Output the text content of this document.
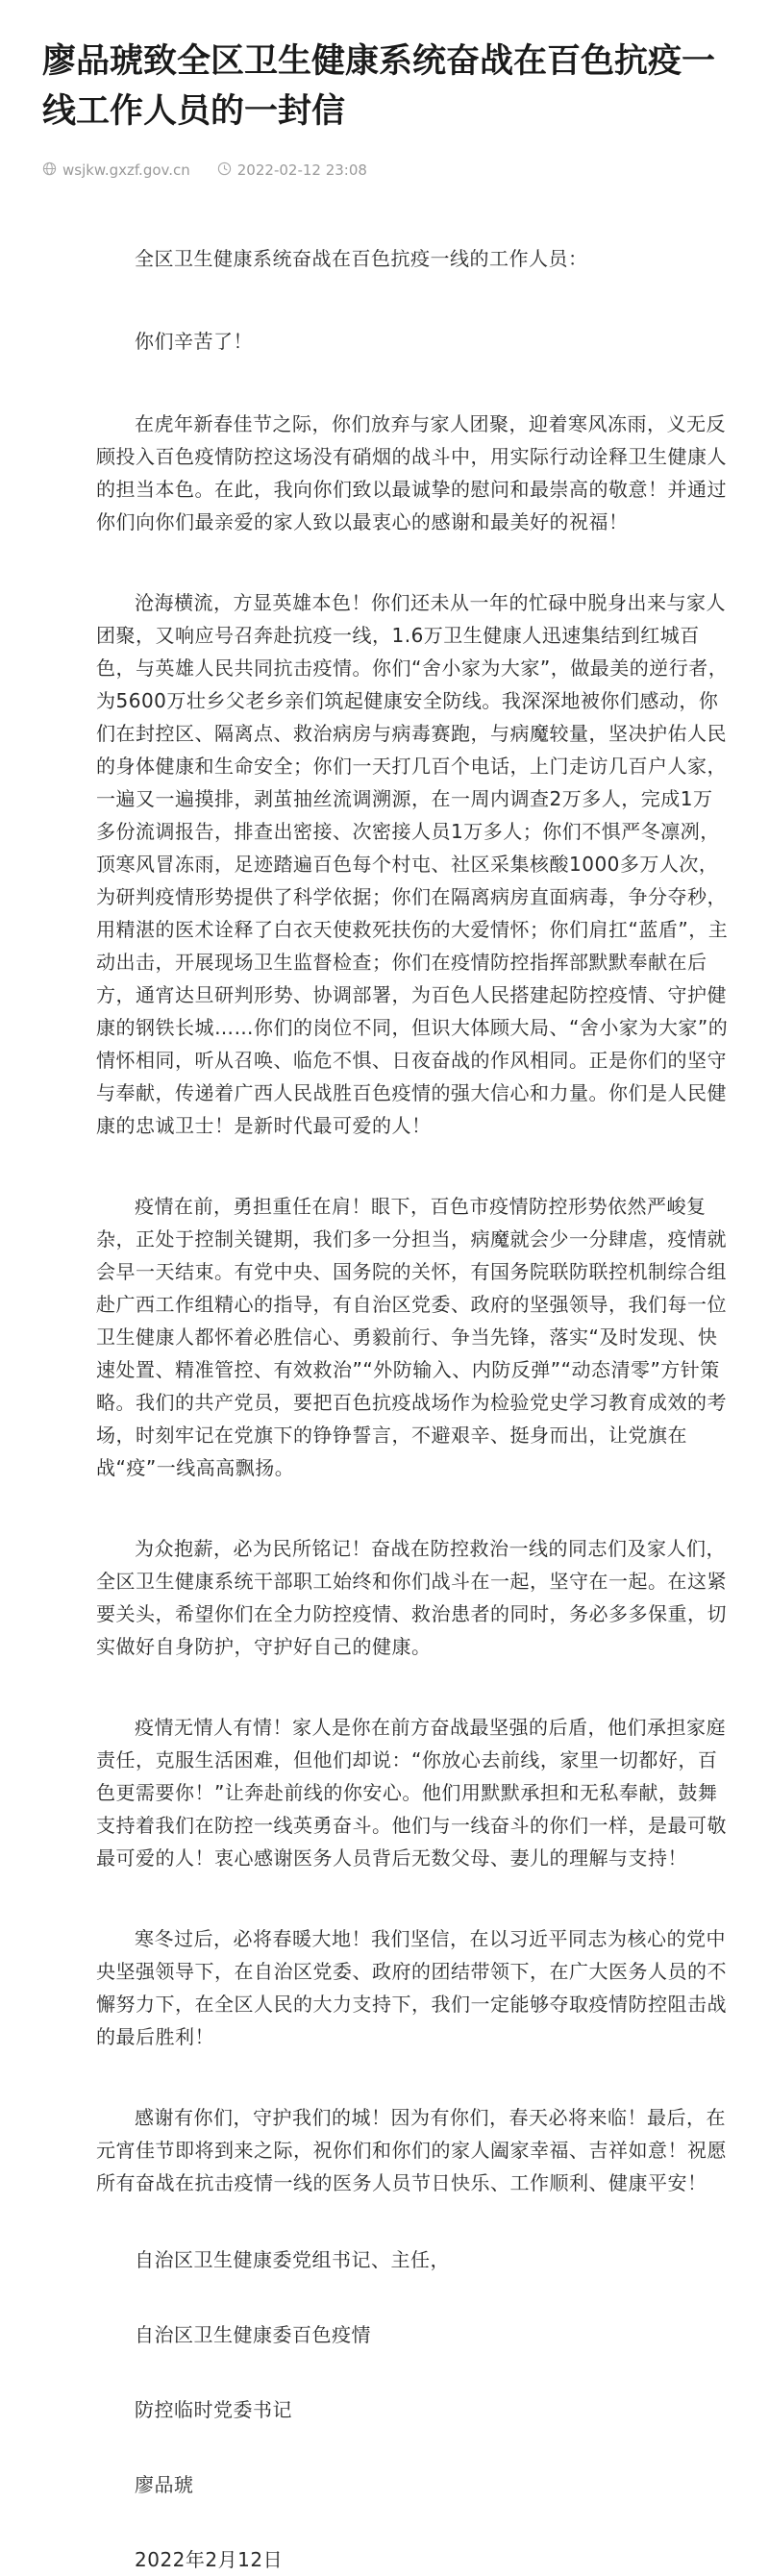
廖品琥致全区卫生健康系统奋战在百色抗疫一线工作人员的一封信
wsjkw.gxzf.gov.cn	2022-02-12 23:08

全区卫生健康系统奋战在百色抗疫一线的工作人员：

你们辛苦了！

在虎年新春佳节之际，你们放弃与家人团聚，迎着寒风冻雨，义无反顾投入百色疫情防控这场没有硝烟的战斗中，用实际行动诠释卫生健康人的担当本色。在此，我向你们致以最诚挚的慰问和最崇高的敬意！并通过你们向你们最亲爱的家人致以最衷心的感谢和最美好的祝福！

沧海横流，方显英雄本色！你们还未从一年的忙碌中脱身出来与家人团聚，又响应号召奔赴抗疫一线，1.6万卫生健康人迅速集结到红城百色，与英雄人民共同抗击疫情。你们“舍小家为大家”，做最美的逆行者，为5600万壮乡父老乡亲们筑起健康安全防线。我深深地被你们感动，你们在封控区、隔离点、救治病房与病毒赛跑，与病魔较量，坚决护佑人民的身体健康和生命安全；你们一天打几百个电话，上门走访几百户人家，一遍又一遍摸排，剥茧抽丝流调溯源，在一周内调查2万多人，完成1万多份流调报告，排查出密接、次密接人员1万多人；你们不惧严冬凛冽，顶寒风冒冻雨，足迹踏遍百色每个村屯、社区采集核酸1000多万人次，为研判疫情形势提供了科学依据；你们在隔离病房直面病毒，争分夺秒，用精湛的医术诠释了白衣天使救死扶伤的大爱情怀；你们肩扛“蓝盾”，主动出击，开展现场卫生监督检查；你们在疫情防控指挥部默默奉献在后方，通宵达旦研判形势、协调部署，为百色人民搭建起防控疫情、守护健康的钢铁长城……你们的岗位不同，但识大体顾大局、“舍小家为大家”的情怀相同，听从召唤、临危不惧、日夜奋战的作风相同。正是你们的坚守与奉献，传递着广西人民战胜百色疫情的强大信心和力量。你们是人民健康的忠诚卫士！是新时代最可爱的人！

疫情在前，勇担重任在肩！眼下，百色市疫情防控形势依然严峻复杂，正处于控制关键期，我们多一分担当，病魔就会少一分肆虐，疫情就会早一天结束。有党中央、国务院的关怀，有国务院联防联控机制综合组赴广西工作组精心的指导，有自治区党委、政府的坚强领导，我们每一位卫生健康人都怀着必胜信心、勇毅前行、争当先锋，落实“及时发现、快速处置、精准管控、有效救治”“外防输入、内防反弹”“动态清零”方针策略。我们的共产党员，要把百色抗疫战场作为检验党史学习教育成效的考场，时刻牢记在党旗下的铮铮誓言，不避艰辛、挺身而出，让党旗在战“疫”一线高高飘扬。

为众抱薪，必为民所铭记！奋战在防控救治一线的同志们及家人们，全区卫生健康系统干部职工始终和你们战斗在一起，坚守在一起。在这紧要关头，希望你们在全力防控疫情、救治患者的同时，务必多多保重，切实做好自身防护，守护好自己的健康。

疫情无情人有情！家人是你在前方奋战最坚强的后盾，他们承担家庭责任，克服生活困难，但他们却说：“你放心去前线，家里一切都好，百色更需要你！”让奔赴前线的你安心。他们用默默承担和无私奉献，鼓舞支持着我们在防控一线英勇奋斗。他们与一线奋斗的你们一样，是最可敬最可爱的人！衷心感谢医务人员背后无数父母、妻儿的理解与支持！

寒冬过后，必将春暖大地！我们坚信，在以习近平同志为核心的党中央坚强领导下，在自治区党委、政府的团结带领下，在广大医务人员的不懈努力下，在全区人民的大力支持下，我们一定能够夺取疫情防控阻击战的最后胜利！

感谢有你们，守护我们的城！因为有你们，春天必将来临！最后，在元宵佳节即将到来之际，祝你们和你们的家人阖家幸福、吉祥如意！祝愿所有奋战在抗击疫情一线的医务人员节日快乐、工作顺利、健康平安！

自治区卫生健康委党组书记、主任，

自治区卫生健康委百色疫情

防控临时党委书记

廖品琥

2022年2月12日
